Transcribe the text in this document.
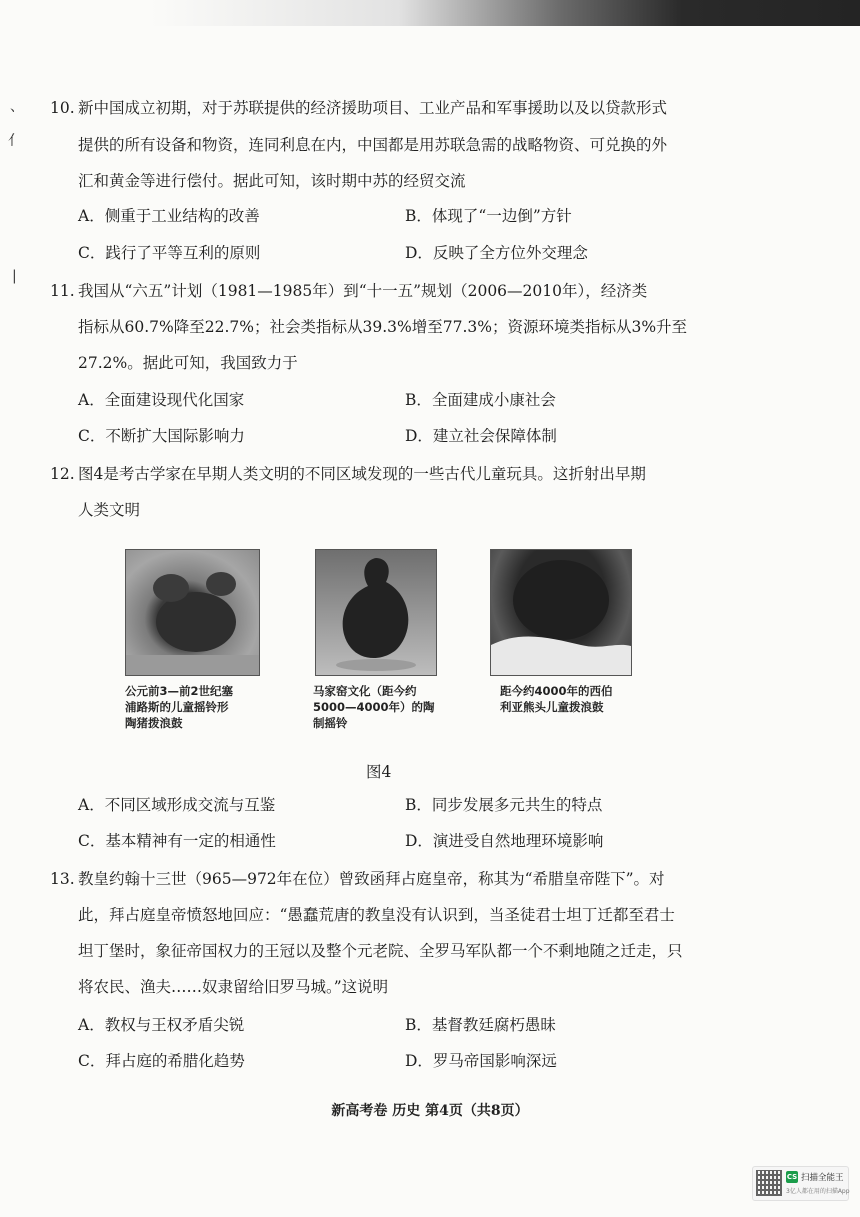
、
⺅
|
10. 新中国成立初期，对于苏联提供的经济援助项目、工业产品和军事援助以及以贷款形式
提供的所有设备和物资，连同利息在内，中国都是用苏联急需的战略物资、可兑换的外
汇和黄金等进行偿付。据此可知，该时期中苏的经贸交流
A．侧重于工业结构的改善	B．体现了“一边倒”方针
C．践行了平等互利的原则	D．反映了全方位外交理念
11. 我国从“六五”计划（1981—1985年）到“十一五”规划（2006—2010年），经济类
指标从60.7%降至22.7%；社会类指标从39.3%增至77.3%；资源环境类指标从3%升至
27.2%。据此可知，我国致力于
A．全面建设现代化国家	B．全面建成小康社会
C．不断扩大国际影响力	D．建立社会保障体制
12. 图4是考古学家在早期人类文明的不同区域发现的一些古代儿童玩具。这折射出早期
人类文明
公元前3—前2世纪塞
浦路斯的儿童摇铃形
陶猪拨浪鼓
马家窑文化（距今约
5000—4000年）的陶
制摇铃
距今约4000年的西伯
利亚熊头儿童拨浪鼓
图4
A．不同区域形成交流与互鉴	B．同步发展多元共生的特点
C．基本精神有一定的相通性	D．演进受自然地理环境影响
13. 教皇约翰十三世（965—972年在位）曾致函拜占庭皇帝，称其为“希腊皇帝陛下”。对
此，拜占庭皇帝愤怒地回应：“愚蠢荒唐的教皇没有认识到，当圣徒君士坦丁迁都至君士
坦丁堡时，象征帝国权力的王冠以及整个元老院、全罗马军队都一个不剩地随之迁走，只
将农民、渔夫……奴隶留给旧罗马城。”这说明
A．教权与王权矛盾尖锐	B．基督教廷腐朽愚昧
C．拜占庭的希腊化趋势	D．罗马帝国影响深远
新高考卷 历史 第4页（共8页）
CS 扫描全能王
3亿人都在用的扫描App
